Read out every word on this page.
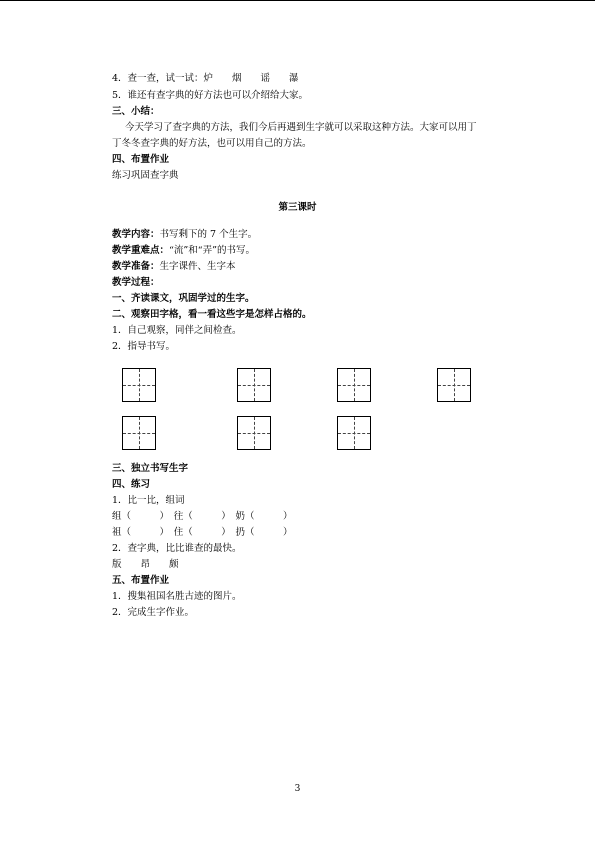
4．查一查，试一试：炉　　烟　　谣　　瀑
5．谁还有查字典的好方法也可以介绍给大家。
三、小结：
今天学习了查字典的方法，我们今后再遇到生字就可以采取这种方法。大家可以用丁
丁冬冬查字典的好方法，也可以用自己的方法。
四、布置作业
练习巩固查字典
第三课时
教学内容：书写剩下的 7 个生字。
教学重难点：“流”和“弄”的书写。
教学准备：生字课件、生字本
教学过程：
一、齐读课文，巩固学过的生字。
二、观察田字格，看一看这些字是怎样占格的。
1．自己观察，同伴之间检查。
2．指导书写。
三、独立书写生字
四、练习
1．比一比，组词
组（　　　）　往（　　　）　奶（　　　）
祖（　　　）　住（　　　）　扔（　　　）
2．查字典，比比谁查的最快。
版　　昂　　颇
五、布置作业
1．搜集祖国名胜古迹的图片。
2．完成生字作业。
3
